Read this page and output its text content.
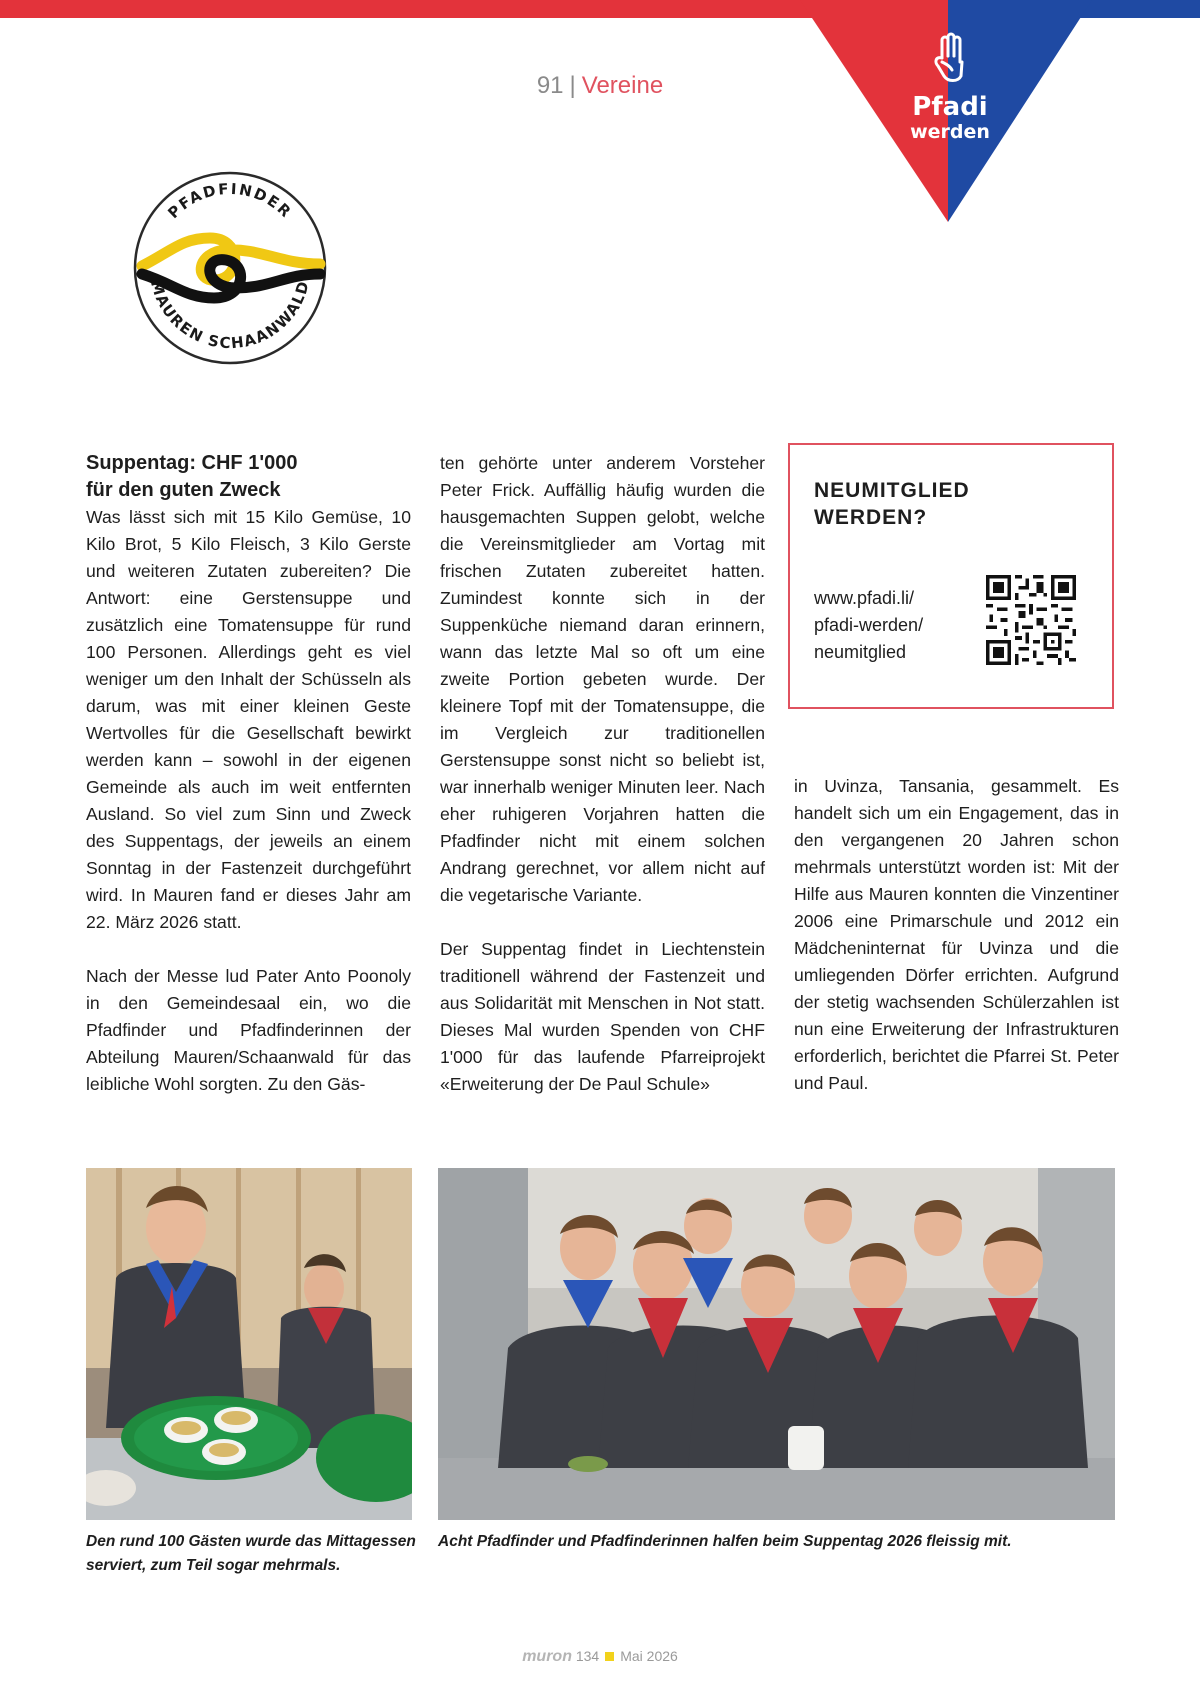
Pfadi
werden
91 | Vereine
PFADFINDER
MAUREN SCHAANWALD

Suppentag: CHF 1'000
für den guten Zweck

Was lässt sich mit 15 Kilo Gemüse, 10 Kilo Brot, 5 Kilo Fleisch, 3 Kilo Gerste und weiteren Zutaten zubereiten? Die Antwort: eine Gerstensuppe und zusätzlich eine Tomatensuppe für rund 100 Personen. Allerdings geht es viel weniger um den Inhalt der Schüsseln als darum, was mit einer kleinen Geste Wertvolles für die Gesellschaft bewirkt werden kann – sowohl in der eigenen Gemeinde als auch im weit entfernten Ausland. So viel zum Sinn und Zweck des Suppentags, der jeweils an einem Sonntag in der Fastenzeit durchgeführt wird. In Mauren fand er dieses Jahr am 22. März 2026 statt.

Nach der Messe lud Pater Anto Poonoly in den Gemeindesaal ein, wo die Pfadfinder und Pfadfinderinnen der Abteilung Mauren/Schaanwald für das leibliche Wohl sorgten. Zu den Gäs-

ten gehörte unter anderem Vorsteher Peter Frick. Auffällig häufig wurden die hausgemachten Suppen gelobt, welche die Vereinsmitglieder am Vortag mit frischen Zutaten zubereitet hatten. Zumindest konnte sich in der Suppenküche niemand daran erinnern, wann das letzte Mal so oft um eine zweite Portion gebeten wurde. Der kleinere Topf mit der Tomatensuppe, die im Vergleich zur traditionellen Gerstensuppe sonst nicht so beliebt ist, war innerhalb weniger Minuten leer. Nach eher ruhigeren Vorjahren hatten die Pfadfinder nicht mit einem solchen Andrang gerechnet, vor allem nicht auf die vegetarische Variante.

Der Suppentag findet in Liechtenstein traditionell während der Fastenzeit und aus Solidarität mit Menschen in Not statt. Dieses Mal wurden Spenden von CHF 1'000 für das laufende Pfarreiprojekt «Erweiterung der De Paul Schule»

NEUMITGLIED
WERDEN?
www.pfadi.li/
pfadi-werden/
neumitglied

in Uvinza, Tansania, gesammelt. Es handelt sich um ein Engagement, das in den vergangenen 20 Jahren schon mehrmals unterstützt worden ist: Mit der Hilfe aus Mauren konnten die Vinzentiner 2006 eine Primarschule und 2012 ein Mädcheninternat für Uvinza und die umliegenden Dörfer errichten. Aufgrund der stetig wachsenden Schülerzahlen ist nun eine Erweiterung der Infrastrukturen erforderlich, berichtet die Pfarrei St. Peter und Paul.

Den rund 100 Gästen wurde das Mittagessen serviert, zum Teil sogar mehrmals.
Acht Pfadfinder und Pfadfinderinnen halfen beim Suppentag 2026 fleissig mit.
muron 134 Mai 2026
